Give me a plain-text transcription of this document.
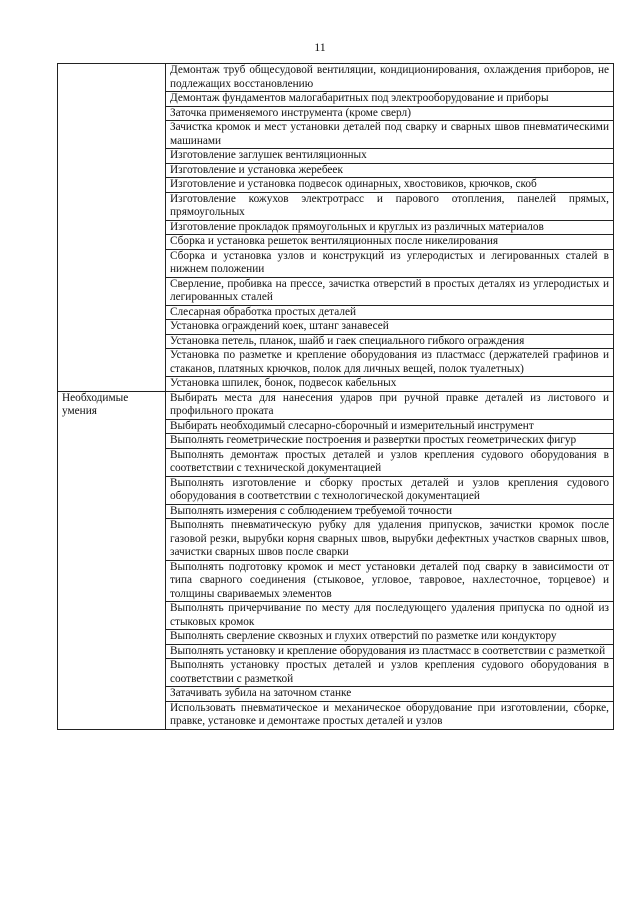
11
	Демонтаж труб общесудовой вентиляции, кондиционирования, охлаждения приборов, не подлежащих восстановлению
	Демонтаж фундаментов малогабаритных под электрооборудование и приборы
	Заточка применяемого инструмента (кроме сверл)
	Зачистка кромок и мест установки деталей под сварку и сварных швов пневматическими машинами
	Изготовление заглушек вентиляционных
	Изготовление и установка жеребеек
	Изготовление и установка подвесок одинарных, хвостовиков, крючков, скоб
	Изготовление кожухов электротрасс и парового отопления, панелей прямых, прямоугольных
	Изготовление прокладок прямоугольных и круглых из различных материалов
	Сборка и установка решеток вентиляционных после никелирования
	Сборка и установка узлов и конструкций из углеродистых и легированных сталей в нижнем положении
	Сверление, пробивка на прессе, зачистка отверстий в простых деталях из углеродистых и легированных сталей
	Слесарная обработка простых деталей
	Установка ограждений коек, штанг занавесей
	Установка петель, планок, шайб и гаек специального гибкого ограждения
	Установка по разметке и крепление оборудования из пластмасс (держателей графинов и стаканов, платяных крючков, полок для личных вещей, полок туалетных)
	Установка шпилек, бонок, подвесок кабельных
Необходимые умения	Выбирать места для нанесения ударов при ручной правке деталей из листового и профильного проката
	Выбирать необходимый слесарно-сборочный и измерительный инструмент
	Выполнять геометрические построения и развертки простых геометрических фигур
	Выполнять демонтаж простых деталей и узлов крепления судового оборудования в соответствии с технической документацией
	Выполнять изготовление и сборку простых деталей и узлов крепления судового оборудования в соответствии с технологической документацией
	Выполнять измерения с соблюдением требуемой точности
	Выполнять пневматическую рубку для удаления припусков, зачистки кромок после газовой резки, вырубки корня сварных швов, вырубки дефектных участков сварных швов, зачистки сварных швов после сварки
	Выполнять подготовку кромок и мест установки деталей под сварку в зависимости от типа сварного соединения (стыковое, угловое, тавровое, нахлесточное, торцевое) и толщины свариваемых элементов
	Выполнять причерчивание по месту для последующего удаления припуска по одной из стыковых кромок
	Выполнять сверление сквозных и глухих отверстий по разметке или кондуктору
	Выполнять установку и крепление оборудования из пластмасс в соответствии с разметкой
	Выполнять установку простых деталей и узлов крепления судового оборудования в соответствии с разметкой
	Затачивать зубила на заточном станке
	Использовать пневматическое и механическое оборудование при изготовлении, сборке, правке, установке и демонтаже простых деталей и узлов
